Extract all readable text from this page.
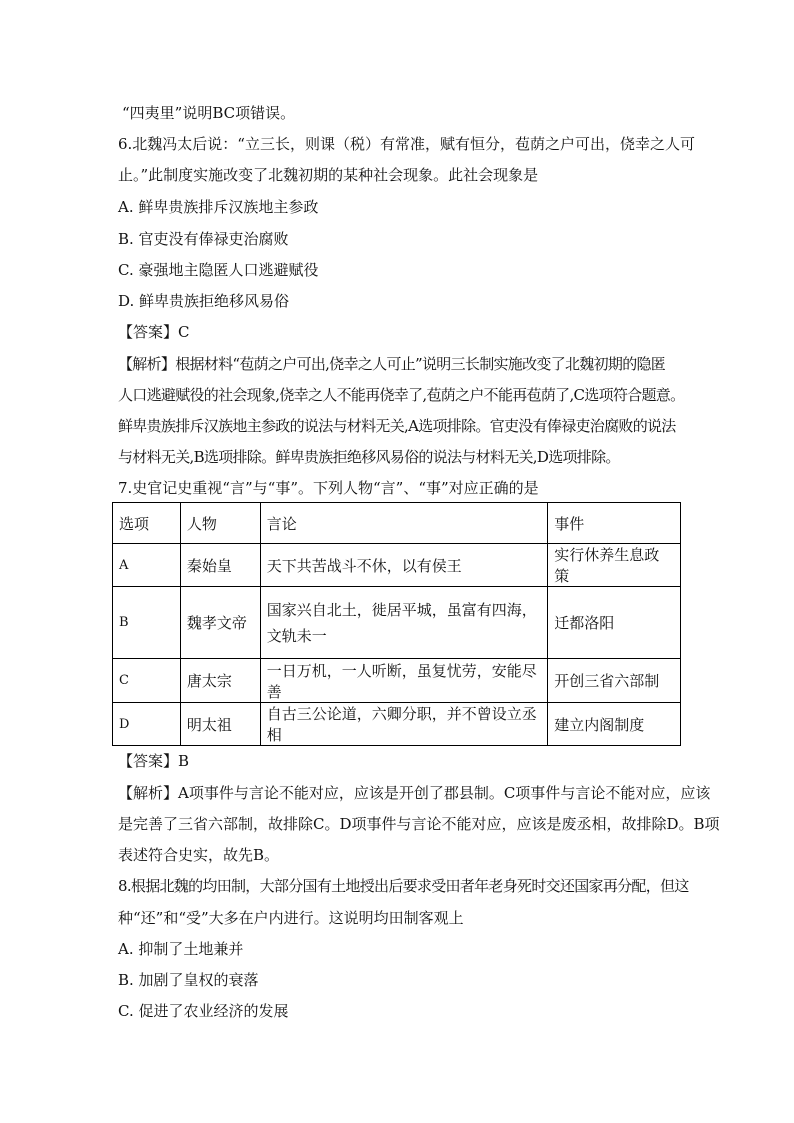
“四夷里”说明BC项错误。
6.北魏冯太后说：“立三长，则课（税）有常准，赋有恒分，苞荫之户可出，侥幸之人可
止。”此制度实施改变了北魏初期的某种社会现象。此社会现象是
A. 鲜卑贵族排斥汉族地主参政
B. 官吏没有俸禄吏治腐败
C. 豪强地主隐匿人口逃避赋役
D. 鲜卑贵族拒绝移风易俗
【答案】C
【解析】根据材料“苞荫之户可出,侥幸之人可止”说明三长制实施改变了北魏初期的隐匿
人口逃避赋役的社会现象,侥幸之人不能再侥幸了,苞荫之户不能再苞荫了,C选项符合题意。
鲜卑贵族排斥汉族地主参政的说法与材料无关,A选项排除。官吏没有俸禄吏治腐败的说法
与材料无关,B选项排除。鲜卑贵族拒绝移风易俗的说法与材料无关,D选项排除。
7.史官记史重视“言”与“事”。下列人物“言”、“事”对应正确的是
选项	人物	言论	事件
A	秦始皇	天下共苦战斗不休，以有侯王	实行休养生息政策
B	魏孝文帝	国家兴自北土，徙居平城，虽富有四海，文轨未一	迁都洛阳
C	唐太宗	一日万机，一人听断，虽复忧劳，安能尽善	开创三省六部制
D	明太祖	自古三公论道，六卿分职，并不曾设立丞相	建立内阁制度
【答案】B
【解析】A项事件与言论不能对应，应该是开创了郡县制。C项事件与言论不能对应，应该
是完善了三省六部制，故排除C。D项事件与言论不能对应，应该是废丞相，故排除D。B项
表述符合史实，故先B。
8.根据北魏的均田制，大部分国有土地授出后要求受田者年老身死时交还国家再分配，但这
种“还”和“受”大多在户内进行。这说明均田制客观上
A. 抑制了土地兼并
B. 加剧了皇权的衰落
C. 促进了农业经济的发展
